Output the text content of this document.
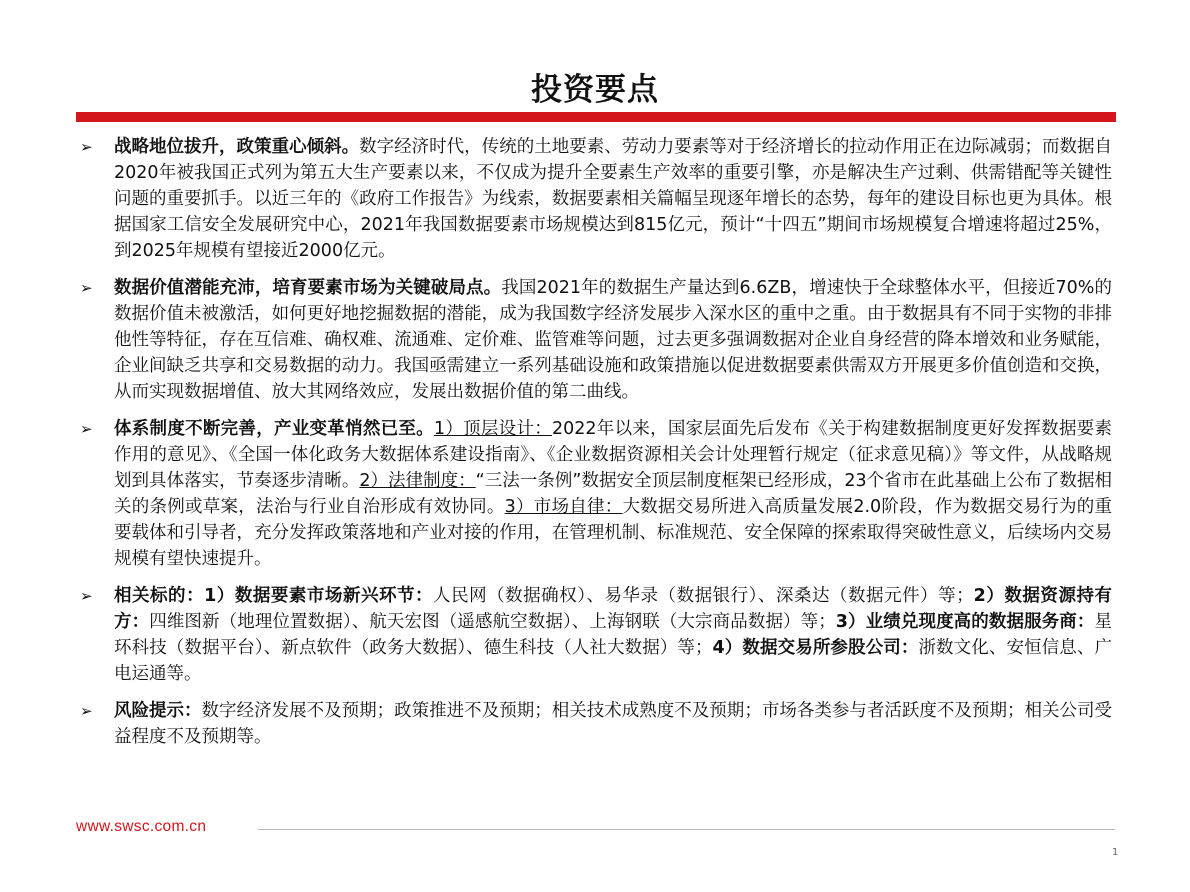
投资要点
➢	战略地位拔升，政策重心倾斜。数字经济时代，传统的土地要素、劳动力要素等对于经济增长的拉动作用正在边际减弱；而数据自2020年被我国正式列为第五大生产要素以来，不仅成为提升全要素生产效率的重要引擎，亦是解决生产过剩、供需错配等关键性问题的重要抓手。以近三年的《政府工作报告》为线索，数据要素相关篇幅呈现逐年增长的态势，每年的建设目标也更为具体。根据国家工信安全发展研究中心，2021年我国数据要素市场规模达到815亿元，预计“十四五”期间市场规模复合增速将超过25%，到2025年规模有望接近2000亿元。
➢	数据价值潜能充沛，培育要素市场为关键破局点。我国2021年的数据生产量达到6.6ZB，增速快于全球整体水平，但接近70%的数据价值未被激活，如何更好地挖掘数据的潜能，成为我国数字经济发展步入深水区的重中之重。由于数据具有不同于实物的非排他性等特征，存在互信难、确权难、流通难、定价难、监管难等问题，过去更多强调数据对企业自身经营的降本增效和业务赋能，企业间缺乏共享和交易数据的动力。我国亟需建立一系列基础设施和政策措施以促进数据要素供需双方开展更多价值创造和交换，从而实现数据增值、放大其网络效应，发展出数据价值的第二曲线。
➢	体系制度不断完善，产业变革悄然已至。1）顶层设计：2022年以来，国家层面先后发布《关于构建数据制度更好发挥数据要素作用的意见》、《全国一体化政务大数据体系建设指南》、《企业数据资源相关会计处理暂行规定（征求意见稿）》等文件，从战略规划到具体落实，节奏逐步清晰。2）法律制度：“三法一条例”数据安全顶层制度框架已经形成，23个省市在此基础上公布了数据相关的条例或草案，法治与行业自治形成有效协同。3）市场自律：大数据交易所进入高质量发展2.0阶段，作为数据交易行为的重要载体和引导者，充分发挥政策落地和产业对接的作用，在管理机制、标准规范、安全保障的探索取得突破性意义，后续场内交易规模有望快速提升。
➢	相关标的：1）数据要素市场新兴环节：人民网（数据确权）、易华录（数据银行）、深桑达（数据元件）等；2）数据资源持有方：四维图新（地理位置数据）、航天宏图（遥感航空数据）、上海钢联（大宗商品数据）等；3）业绩兑现度高的数据服务商：星环科技（数据平台）、新点软件（政务大数据）、德生科技（人社大数据）等；4）数据交易所参股公司：浙数文化、安恒信息、广电运通等。
➢	风险提示：数字经济发展不及预期；政策推进不及预期；相关技术成熟度不及预期；市场各类参与者活跃度不及预期；相关公司受益程度不及预期等。
www.swsc.com.cn
1
